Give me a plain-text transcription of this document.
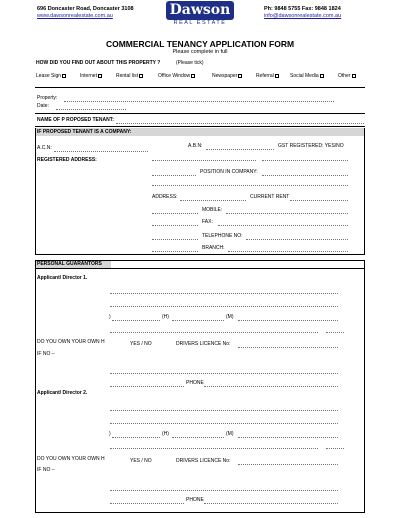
696 Doncaster Road, Doncaster 3108
www.dawsonrealestate.com.au	Dawson
REAL ESTATE
Ph: 9848 5755 Fax: 9848 1824
info@dawsonrealestate.com.au
COMMERCIAL TENANCY APPLICATION FORM
Please complete in full
HOW DID YOU FIND OUT ABOUT THIS PROPERTY ?	(Please tick)
Lease Sign	Internet	Rental list	Office Window	Newspaper	Referral	Social Media	Other
Property:
Date:
NAME OF P ROPOSED TENANT:
IF PROPOSED TENANT IS A COMPANY:
A.C.N:	A.B.N:	GST REGISTERED: YES/NO
REGISTERED ADDRESS:
POSITION IN COMPANY:
ADDRESS:	CURRENT RENT
MOBILE:
FAX:
TELEPHONE NO:
BRANCH:
PERSONAL GUARANTORS
Applicant/ Director 1.
)	(H)	(M)
DO YOU OWN YOUR OWN H	YES / NO	DRIVERS LICENCE No:
IF NO –
PHONE
Applicant/ Director 2.
)	(H)	(M)
DO YOU OWN YOUR OWN H	YES / NO	DRIVERS LICENCE No:
IF NO –
PHONE
